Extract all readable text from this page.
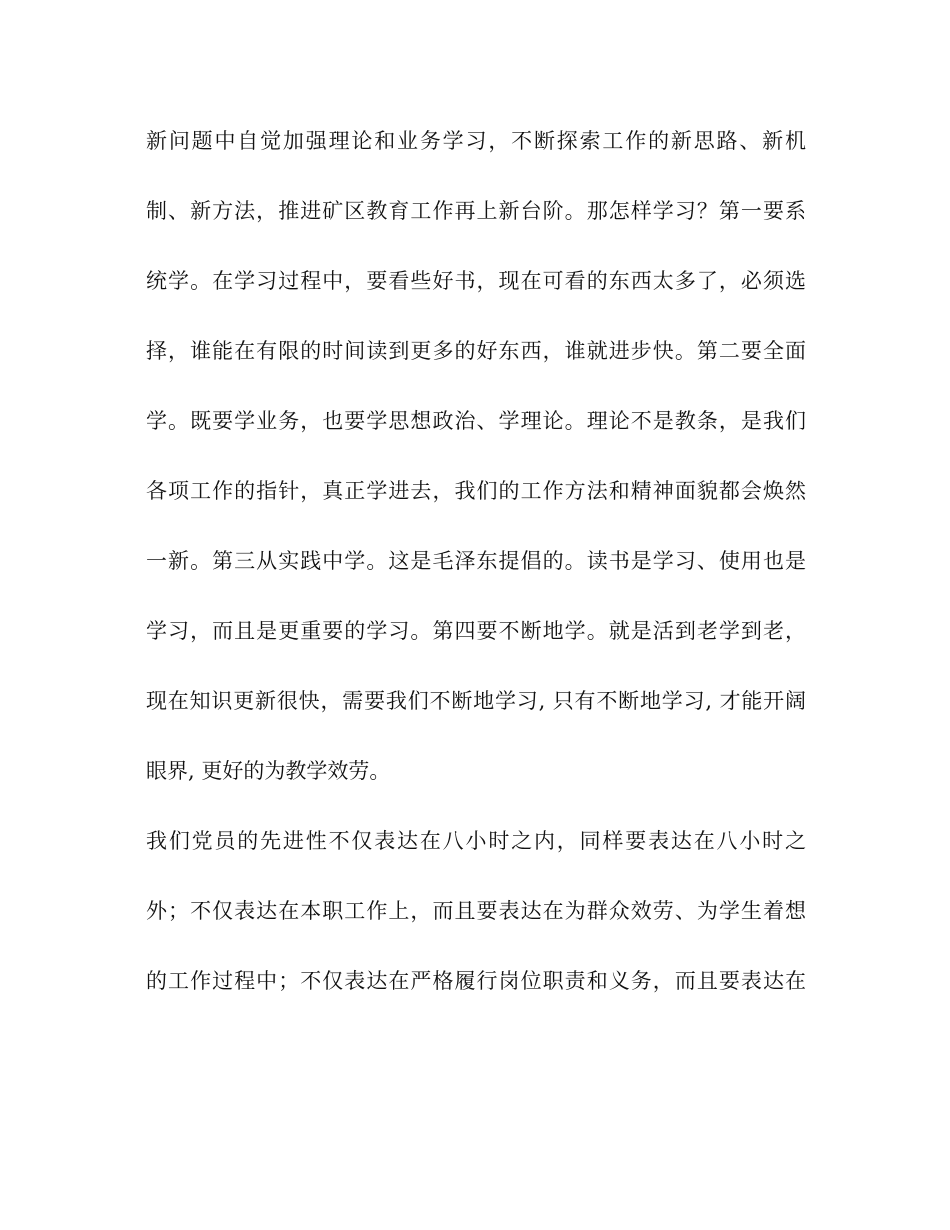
新问题中自觉加强理论和业务学习，不断探索工作的新思路、新机
制、新方法，推进矿区教育工作再上新台阶。那怎样学习？第一要系
统学。在学习过程中，要看些好书，现在可看的东西太多了，必须选
择，谁能在有限的时间读到更多的好东西，谁就进步快。第二要全面
学。既要学业务，也要学思想政治、学理论。理论不是教条，是我们
各项工作的指针，真正学进去，我们的工作方法和精神面貌都会焕然
一新。第三从实践中学。这是毛泽东提倡的。读书是学习、使用也是
学习，而且是更重要的学习。第四要不断地学。就是活到老学到老，
现在知识更新很快，需要我们不断地学习, 只有不断地学习, 才能开阔
眼界, 更好的为教学效劳。
我们党员的先进性不仅表达在八小时之内，同样要表达在八小时之
外；不仅表达在本职工作上，而且要表达在为群众效劳、为学生着想
的工作过程中；不仅表达在严格履行岗位职责和义务，而且要表达在
